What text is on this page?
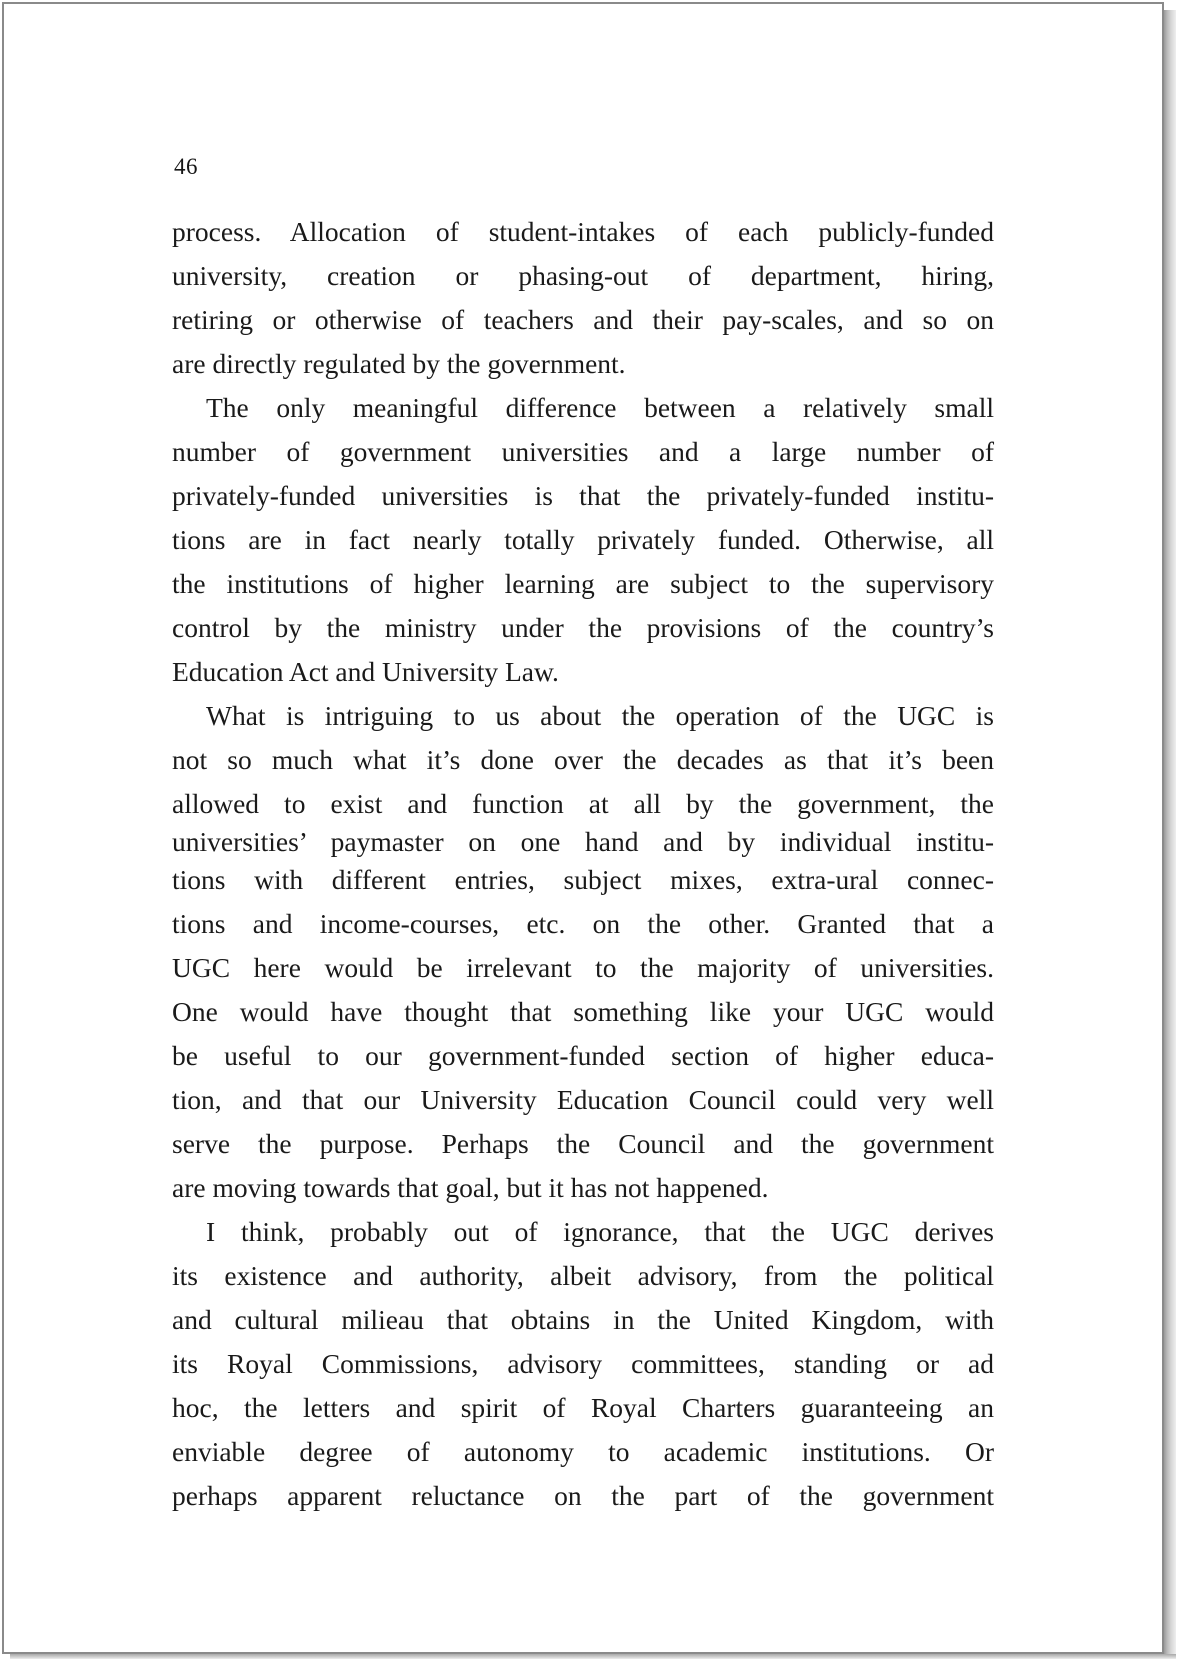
46
process. Allocation of student-intakes of each publicly-funded
university, creation or phasing-out of department, hiring,
retiring or otherwise of teachers and their pay-scales, and so on
are directly regulated by the government.
The only meaningful difference between a relatively small
number of government universities and a large number of
privately-funded universities is that the privately-funded institu-
tions are in fact nearly totally privately funded. Otherwise, all
the institutions of higher learning are subject to the supervisory
control by the ministry under the provisions of the country’s
Education Act and University Law.
What is intriguing to us about the operation of the UGC is
not so much what it’s done over the decades as that it’s been
allowed to exist and function at all by the government, the
universities’ paymaster on one hand and by individual institu-
tions with different entries, subject mixes, extra-ural connec-
tions and income-courses, etc. on the other. Granted that a
UGC here would be irrelevant to the majority of universities.
One would have thought that something like your UGC would
be useful to our government-funded section of higher educa-
tion, and that our University Education Council could very well
serve the purpose. Perhaps the Council and the government
are moving towards that goal, but it has not happened.
I think, probably out of ignorance, that the UGC derives
its existence and authority, albeit advisory, from the political
and cultural milieau that obtains in the United Kingdom, with
its Royal Commissions, advisory committees, standing or ad
hoc, the letters and spirit of Royal Charters guaranteeing an
enviable degree of autonomy to academic institutions. Or
perhaps apparent reluctance on the part of the government
